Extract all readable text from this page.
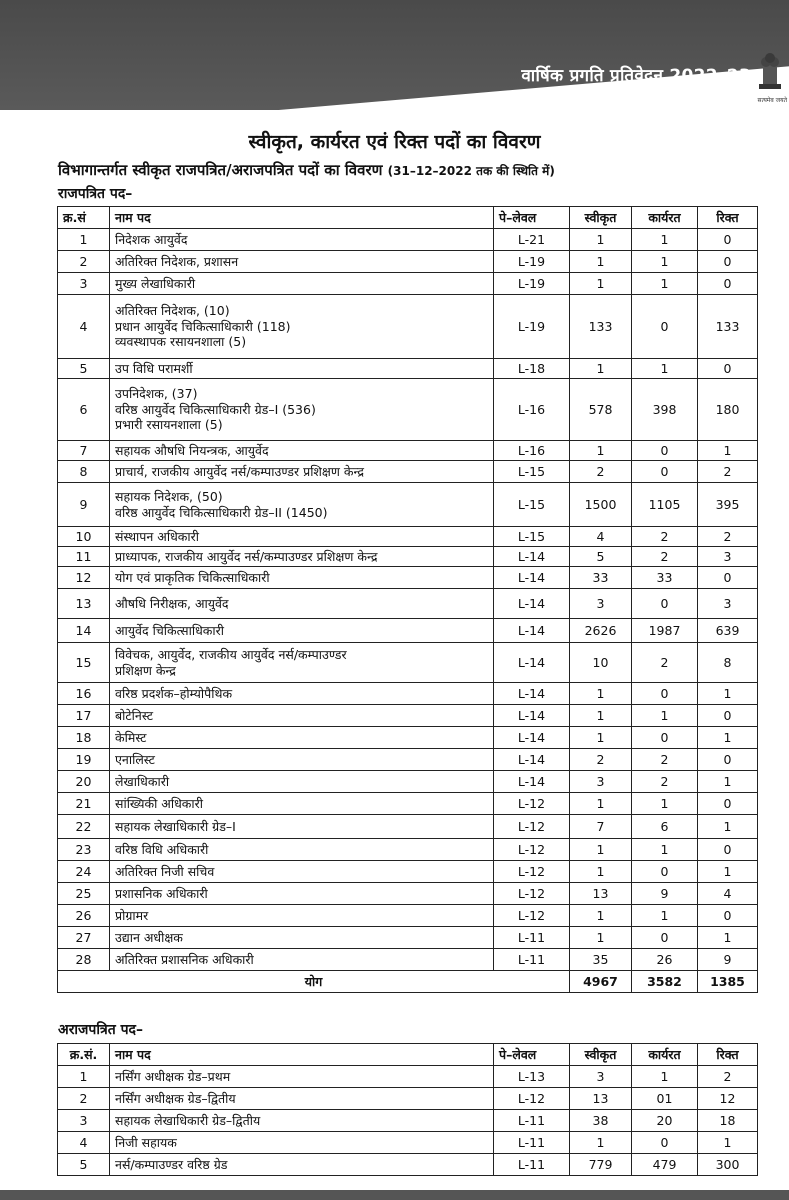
वार्षिक प्रगति प्रतिवेदन 2022–23
सत्यमेव जयते
स्वीकृत, कार्यरत एवं रिक्त पदों का विवरण
विभागान्तर्गत स्वीकृत राजपत्रित/अराजपत्रित पदों का विवरण (31–12–2022 तक की स्थिति में)
राजपत्रित पद–
क्र.सं	नाम पद	पे–लेवल	स्वीकृत	कार्यरत	रिक्त
1	निदेशक आयुर्वेद	L-21	1	1	0
2	अतिरिक्त निदेशक, प्रशासन	L-19	1	1	0
3	मुख्य लेखाधिकारी	L-19	1	1	0
4	अतिरिक्त निदेशक, (10)
प्रधान आयुर्वेद चिकित्साधिकारी (118)
व्यवस्थापक रसायनशाला (5)	L-19	133	0	133
5	उप विधि परामर्शी	L-18	1	1	0
6	उपनिदेशक, (37)
वरिष्ठ आयुर्वेद चिकित्साधिकारी ग्रेड–I (536)
प्रभारी रसायनशाला (5)	L-16	578	398	180
7	सहायक औषधि नियन्त्रक, आयुर्वेद	L-16	1	0	1
8	प्राचार्य, राजकीय आयुर्वेद नर्स/कम्पाउण्डर प्रशिक्षण केन्द्र	L-15	2	0	2
9	सहायक निदेशक, (50)
वरिष्ठ आयुर्वेद चिकित्साधिकारी ग्रेड–II (1450)	L-15	1500	1105	395
10	संस्थापन अधिकारी	L-15	4	2	2
11	प्राध्यापक, राजकीय आयुर्वेद नर्स/कम्पाउण्डर प्रशिक्षण केन्द्र	L-14	5	2	3
12	योग एवं प्राकृतिक चिकित्साधिकारी	L-14	33	33	0
13	औषधि निरीक्षक, आयुर्वेद	L-14	3	0	3
14	आयुर्वेद चिकित्साधिकारी	L-14	2626	1987	639
15	विवेचक, आयुर्वेद, राजकीय आयुर्वेद नर्स/कम्पाउण्डर
प्रशिक्षण केन्द्र	L-14	10	2	8
16	वरिष्ठ प्रदर्शक–होम्योपैथिक	L-14	1	0	1
17	बोटेनिस्ट	L-14	1	1	0
18	केमिस्ट	L-14	1	0	1
19	एनालिस्ट	L-14	2	2	0
20	लेखाधिकारी	L-14	3	2	1
21	सांख्यिकी अधिकारी	L-12	1	1	0
22	सहायक लेखाधिकारी ग्रेड–I	L-12	7	6	1
23	वरिष्ठ विधि अधिकारी	L-12	1	1	0
24	अतिरिक्त निजी सचिव	L-12	1	0	1
25	प्रशासनिक अधिकारी	L-12	13	9	4
26	प्रोग्रामर	L-12	1	1	0
27	उद्यान अधीक्षक	L-11	1	0	1
28	अतिरिक्त प्रशासनिक अधिकारी	L-11	35	26	9
योग			4967	3582	1385
अराजपत्रित पद–
क्र.सं.	नाम पद	पे–लेवल	स्वीकृत	कार्यरत	रिक्त
1	नर्सिंग अधीक्षक ग्रेड–प्रथम	L-13	3	1	2
2	नर्सिंग अधीक्षक ग्रेड–द्वितीय	L-12	13	01	12
3	सहायक लेखाधिकारी ग्रेड–द्वितीय	L-11	38	20	18
4	निजी सहायक	L-11	1	0	1
5	नर्स/कम्पाउण्डर वरिष्ठ ग्रेड	L-11	779	479	300
